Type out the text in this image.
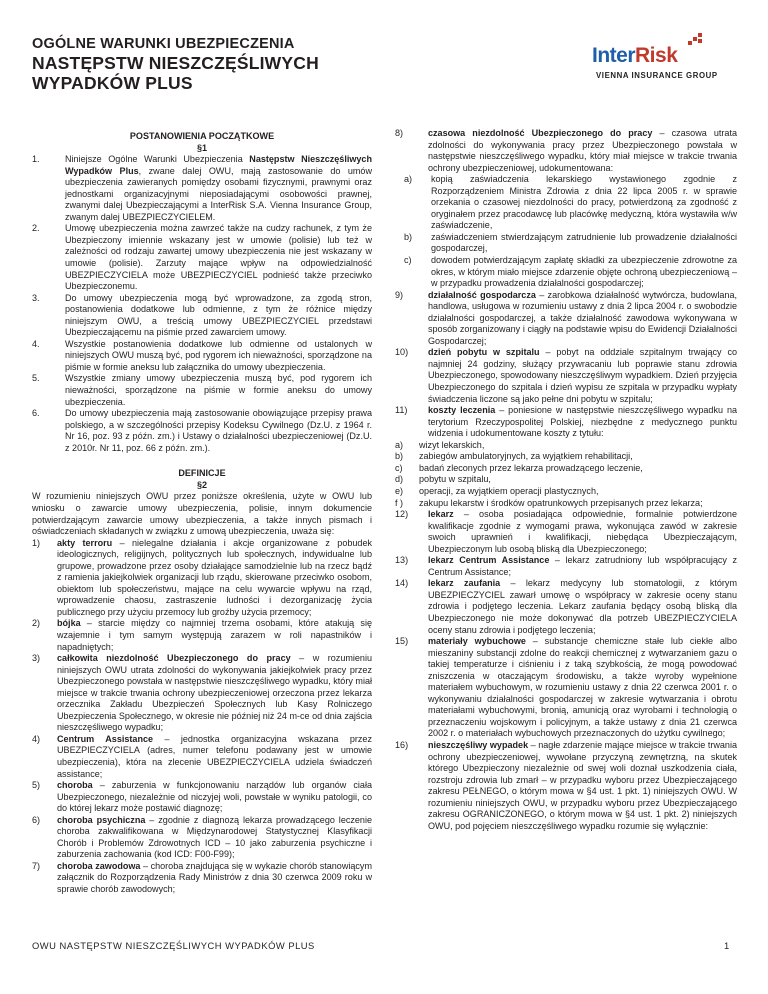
OGÓLNE WARUNKI UBEZPIECZENIA
NASTĘPSTW NIESZCZĘŚLIWYCH
WYPADKÓW PLUS
InterRisk
VIENNA INSURANCE GROUP

POSTANOWIENIA POCZĄTKOWE

§1

1.	Niniejsze Ogólne Warunki Ubezpieczenia Następstw Nieszczęśliwych Wypadków Plus, zwane dalej OWU, mają zastosowanie do umów ubezpieczenia zawieranych pomiędzy osobami fizycznymi, prawnymi oraz jednostkami organizacyjnymi nieposiadającymi osobowości prawnej, zwanymi dalej Ubezpieczającymi a InterRisk S.A. Vienna Insurance Group, zwanym dalej UBEZPIECZYCIELEM.

2.	Umowę ubezpieczenia można zawrzeć także na cudzy rachunek, z tym że Ubezpieczony imiennie wskazany jest w umowie (polisie) lub też w zależności od rodzaju zawartej umowy ubezpieczenia nie jest wskazany w umowie (polisie). Zarzuty mające wpływ na odpowiedzialność UBEZPIECZYCIELA może UBEZPIECZYCIEL podnieść także przeciwko Ubezpieczonemu.

3.	Do umowy ubezpieczenia mogą być wprowadzone, za zgodą stron, postanowienia dodatkowe lub odmienne, z tym że różnice między niniejszym OWU, a treścią umowy UBEZPIECZYCIEL przedstawi Ubezpieczającemu na piśmie przed zawarciem umowy.

4.	Wszystkie postanowienia dodatkowe lub odmienne od ustalonych w niniejszych OWU muszą być, pod rygorem ich nieważności, sporządzone na piśmie w formie aneksu lub załącznika do umowy ubezpieczenia.

5.	Wszystkie zmiany umowy ubezpieczenia muszą być, pod rygorem ich nieważności, sporządzone na piśmie w formie aneksu do umowy ubezpieczenia.

6.	Do umowy ubezpieczenia mają zastosowanie obowiązujące przepisy prawa polskiego, a w szczególności przepisy Kodeksu Cywilnego (Dz.U. z 1964 r. Nr 16, poz. 93 z późn. zm.) i Ustawy o działalności ubezpieczeniowej (Dz.U. z 2010r. Nr 11, poz. 66 z późn. zm.).

DEFINICJE

§2

W rozumieniu niniejszych OWU przez poniższe określenia, użyte w OWU lub wniosku o zawarcie umowy ubezpieczenia, polisie, innym dokumencie potwierdzającym zawarcie umowy ubezpieczenia, a także innych pismach i oświadczeniach składanych w związku z umową ubezpieczenia, uważa się:

1) akty terroru – nielegalne działania i akcje organizowane z pobudek ideologicznych, religijnych, politycznych lub społecznych, indywidualne lub grupowe, prowadzone przez osoby działające samodzielnie lub na rzecz bądź z ramienia jakiejkolwiek organizacji lub rządu, skierowane przeciwko osobom, obiektom lub społeczeństwu, mające na celu wywarcie wpływu na rząd, wprowadzenie chaosu, zastraszenie ludności i dezorganizację życia publicznego przy użyciu przemocy lub groźby użycia przemocy;

2) bójka – starcie między co najmniej trzema osobami, które atakują się wzajemnie i tym samym występują zarazem w roli napastników i napadniętych;

3) całkowita niezdolność Ubezpieczonego do pracy – w rozumieniu niniejszych OWU utrata zdolności do wykonywania jakiejkolwiek pracy przez Ubezpieczonego powstała w następstwie nieszczęśliwego wypadku, który miał miejsce w trakcie trwania ochrony ubezpieczeniowej orzeczona przez lekarza orzecznika Zakładu Ubezpieczeń Społecznych lub Kasy Rolniczego Ubezpieczenia Społecznego, w okresie nie później niż 24 m-ce od dnia zajścia nieszczęśliwego wypadku;

4) Centrum Assistance – jednostka organizacyjna wskazana przez UBEZPIECZYCIELA (adres, numer telefonu podawany jest w umowie ubezpieczenia), która na zlecenie UBEZPIECZYCIELA udziela świadczeń assistance;

5) choroba – zaburzenia w funkcjonowaniu narządów lub organów ciała Ubezpieczonego, niezależnie od niczyjej woli, powstałe w wyniku patologii, co do której lekarz może postawić diagnozę;

6) choroba psychiczna – zgodnie z diagnozą lekarza prowadzącego leczenie choroba zakwalifikowana w Międzynarodowej Statystycznej Klasyfikacji Chorób i Problemów Zdrowotnych ICD – 10 jako zaburzenia psychiczne i zaburzenia zachowania (kod ICD: F00-F99);

7) choroba zawodowa – choroba znajdująca się w wykazie chorób stanowiącym załącznik do Rozporządzenia Rady Ministrów z dnia 30 czerwca 2009 roku w sprawie chorób zawodowych;

8)	czasowa niezdolność Ubezpieczonego do pracy – czasowa utrata zdolności do wykonywania pracy przez Ubezpieczonego powstała w następstwie nieszczęśliwego wypadku, który miał miejsce w trakcie trwania ochrony ubezpieczeniowej, udokumentowana:

a) kopią zaświadczenia lekarskiego wystawionego zgodnie z Rozporządzeniem Ministra Zdrowia z dnia 22 lipca 2005 r. w sprawie orzekania o czasowej niezdolności do pracy, potwierdzoną za zgodność z oryginałem przez pracodawcę lub placówkę medyczną, która wystawiła w/w zaświadczenie,

b) zaświadczeniem stwierdzającym zatrudnienie lub prowadzenie działalności gospodarczej,

c) dowodem potwierdzającym zapłatę składki za ubezpieczenie zdrowotne za okres, w którym miało miejsce zdarzenie objęte ochroną ubezpieczeniową – w przypadku prowadzenia działalności gospodarczej;

9)	działalność gospodarcza – zarobkowa działalność wytwórcza, budowlana, handlowa, usługowa w rozumieniu ustawy z dnia 2 lipca 2004 r. o swobodzie działalności gospodarczej, a także działalność zawodowa wykonywana w sposób zorganizowany i ciągły na podstawie wpisu do Ewidencji Działalności Gospodarczej;

10) dzień pobytu w szpitalu – pobyt na oddziale szpitalnym trwający co najmniej 24 godziny, służący przywracaniu lub poprawie stanu zdrowia Ubezpieczonego, spowodowany nieszczęśliwym wypadkiem. Dzień przyjęcia Ubezpieczonego do szpitala i dzień wypisu ze szpitala w przypadku wypłaty świadczenia liczone są jako pełne dni pobytu w szpitalu;

11) koszty leczenia – poniesione w następstwie nieszczęśliwego wypadku na terytorium Rzeczypospolitej Polskiej, niezbędne z medycznego punktu widzenia i udokumentowane koszty z tytułu:

a) wizyt lekarskich,

b) zabiegów ambulatoryjnych, za wyjątkiem rehabilitacji,

c) badań zleconych przez lekarza prowadzącego leczenie,

d) pobytu w szpitalu,

e) operacji, za wyjątkiem operacji plastycznych,

f ) zakupu lekarstw i środków opatrunkowych przepisanych przez lekarza;

12) lekarz – osoba posiadająca odpowiednie, formalnie potwierdzone kwalifikacje zgodnie z wymogami prawa, wykonująca zawód w zakresie swoich uprawnień i kwalifikacji, niebędąca Ubezpieczającym, Ubezpieczonym lub osobą bliską dla Ubezpieczonego;

13) lekarz Centrum Assistance – lekarz zatrudniony lub współpracujący z Centrum Assistance;

14) lekarz zaufania – lekarz medycyny lub stomatologii, z którym UBEZPIECZYCIEL zawarł umowę o współpracy w zakresie oceny stanu zdrowia i podjętego leczenia. Lekarz zaufania będący osobą bliską dla Ubezpieczonego nie może dokonywać dla potrzeb UBEZPIECZYCIELA oceny stanu zdrowia i podjętego leczenia;

15) materiały wybuchowe – substancje chemiczne stałe lub ciekłe albo mieszaniny substancji zdolne do reakcji chemicznej z wytwarzaniem gazu o takiej temperaturze i ciśnieniu i z taką szybkością, że mogą powodować zniszczenia w otaczającym środowisku, a także wyroby wypełnione materiałem wybuchowym, w rozumieniu ustawy z dnia 22 czerwca 2001 r. o wykonywaniu działalności gospodarczej w zakresie wytwarzania i obrotu materiałami wybuchowymi, bronią, amunicją oraz wyrobami i technologią o przeznaczeniu wojskowym i policyjnym, a także ustawy z dnia 21 czerwca 2002 r. o materiałach wybuchowych przeznaczonych do użytku cywilnego;

16) nieszczęśliwy wypadek – nagłe zdarzenie mające miejsce w trakcie trwania ochrony ubezpieczeniowej, wywołane przyczyną zewnętrzną, na skutek którego Ubezpieczony niezależnie od swej woli doznał uszkodzenia ciała, rozstroju zdrowia lub zmarł – w przypadku wyboru przez Ubezpieczającego zakresu PEŁNEGO, o którym mowa w §4 ust. 1 pkt. 1) niniejszych OWU. W rozumieniu niniejszych OWU, w przypadku wyboru przez Ubezpieczającego zakresu OGRANICZONEGO, o którym mowa w §4 ust. 1 pkt. 2) niniejszych OWU, pod pojęciem nieszczęśliwego wypadku rozumie się wyłącznie:

OWU NASTĘPSTW NIESZCZĘŚLIWYCH WYPADKÓW PLUS	1
